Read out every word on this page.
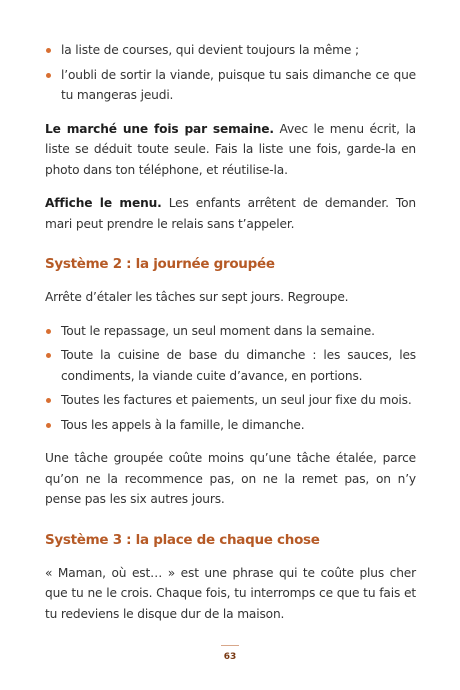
la liste de courses, qui devient toujours la même ;
l’oubli de sortir la viande, puisque tu sais dimanche ce que tu mangeras jeudi.

Le marché une fois par semaine. Avec le menu écrit, la liste se déduit toute seule. Fais la liste une fois, garde-la en photo dans ton téléphone, et réutilise-la.

Affiche le menu. Les enfants arrêtent de demander. Ton mari peut prendre le relais sans t’appeler.

Système 2 : la journée groupée

Arrête d’étaler les tâches sur sept jours. Regroupe.

Tout le repassage, un seul moment dans la semaine.
Toute la cuisine de base du dimanche : les sauces, les condiments, la viande cuite d’avance, en portions.
Toutes les factures et paiements, un seul jour fixe du mois.
Tous les appels à la famille, le dimanche.

Une tâche groupée coûte moins qu’une tâche étalée, parce qu’on ne la recommence pas, on ne la remet pas, on n’y pense pas les six autres jours.

Système 3 : la place de chaque chose

« Maman, où est… » est une phrase qui te coûte plus cher que tu ne le crois. Chaque fois, tu interromps ce que tu fais et tu redeviens le disque dur de la maison.

63
